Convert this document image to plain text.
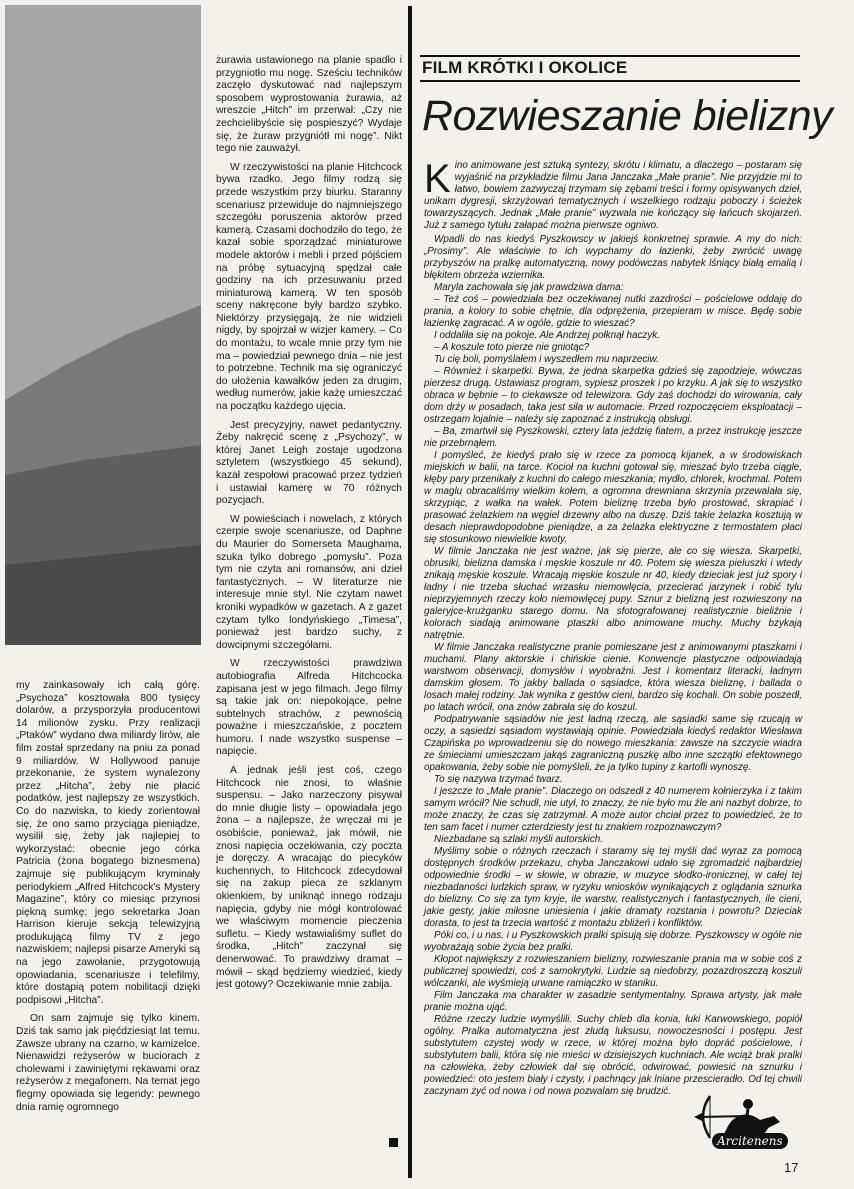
my zainkasowały ich całą górę. „Psychoza” kosztowała 800 tysięcy dolarów, a przysporzyła producentowi 14 milionów zysku. Przy realizacji „Ptaków” wydano dwa miliardy lirów, ale film został sprzedany na pniu za ponad 9 miliardów. W Hollywood panuje przekonanie, że system wynalezony przez „Hitcha”, żeby nie płacić podatków, jest najlepszy ze wszystkich. Co do nazwiska, to kiedy zorientował się, że ono samo przyciąga pieniądze, wysilił się, żeby jak najlepiej to wykorzystać: obecnie jego córka Patricia (żona bogatego biznesmena) zajmuje się publikującym kryminały periodykiem „Alfred Hitchcock's Mystery Magazine”, który co miesiąc przynosi piękną sumkę; jego sekretarka Joan Harrison kieruje sekcją telewizyjną produkującą filmy TV z jego nazwiskiem; najlepsi pisarze Ameryki są na jego zawołanie, przygotowują opowiadania, scenariusze i telefilmy, które dostąpią potem nobilitacji dzięki podpisowi „Hitcha”.

On sam zajmuje się tylko kinem. Dziś tak samo jak pięćdziesiąt lat temu. Zawsze ubrany na czarno, w kamizelce. Nienawidzi reżyserów w buciorach z cholewami i zawiniętymi rękawami oraz reżyserów z megafonem. Na temat jego flegmy opowiada się legendy: pewnego dnia ramię ogromnego

żurawia ustawionego na planie spadło i przygniotło mu nogę. Sześciu techników zaczęło dyskutować nad najlepszym sposobem wyprostowania żurawia, aż wreszcie „Hitch” im przerwał: „Czy nie zechcielibyście się pospieszyć? Wydaje się, że żuraw przygniótł mi nogę”. Nikt tego nie zauważył.

W rzeczywistości na planie Hitchcock bywa rzadko. Jego filmy rodzą się przede wszystkim przy biurku. Staranny scenariusz przewiduje do najmniejszego szczegółu poruszenia aktorów przed kamerą. Czasami dochodziło do tego, że kazał sobie sporządzać miniaturowe modele aktorów i mebli i przed pójściem na próbę sytuacyjną spędzał całe godziny na ich przesuwaniu przed miniaturową kamerą. W ten sposób sceny nakręcone były bardzo szybko. Niektórzy przysięgają, że nie widzieli nigdy, by spojrzał w wizjer kamery. – Co do montażu, to wcale mnie przy tym nie ma – powiedział pewnego dnia – nie jest to potrzebne. Technik ma się ograniczyć do ułożenia kawałków jeden za drugim, według numerów, jakie każę umieszczać na początku każdego ujęcia.

Jest precyzyjny, nawet pedantyczny. Żeby nakręcić scenę z „Psychozy”, w której Janet Leigh zostaje ugodzona sztyletem (wszystkiego 45 sekund), kazał zespołowi pracować przez tydzień i ustawiał kamerę w 70 różnych pozycjach.

W powieściach i nowelach, z których czerpie swoje scenariusze, od Daphne du Maurier do Somerseta Maughama, szuka tylko dobrego „pomysłu”. Poza tym nie czyta ani romansów, ani dzieł fantastycznych. – W literaturze nie interesuje mnie styl. Nie czytam nawet kroniki wypadków w gazetach. A z gazet czytam tylko londyńskiego „Timesa”, ponieważ jest bardzo suchy, z dowcipnymi szczegółami.

W rzeczywistości prawdziwa autobiografia Alfreda Hitchcocka zapisana jest w jego filmach. Jego filmy są takie jak on: niepokojące, pełne subtelnych strachów, z pewnością poważne i mieszczańskie, z pocztem humoru. I nade wszystko suspense – napięcie.

A jednak jeśli jest coś, czego Hitchcock nie znosi, to właśnie suspensu. – Jako narzeczony pisywał do mnie długie listy – opowiadała jego żona – a najlepsze, że wręczał mi je osobiście, ponieważ, jak mówił, nie znosi napięcia oczekiwania, czy poczta je doręczy. A wracając do piecyków kuchennych, to Hitchcock zdecydował się na zakup pieca ze szklanym okienkiem, by uniknąć innego rodzaju napięcia, gdyby nie mógł kontrolować we właściwym momencie pieczenia sufletu. – Kiedy wstawialiśmy suflet do środka, „Hitch” zaczynał się denerwować. To prawdziwy dramat – mówił – skąd będziemy wiedzieć, kiedy jest gotowy? Oczekiwanie mnie zabija.

FILM KRÓTKI I OKOLICE
Rozwieszanie bielizny

Kino animowane jest sztuką syntezy, skrótu i klimatu, a dlaczego – postaram się wyjaśnić na przykładzie filmu Jana Janczaka „Małe pranie”. Nie przyjdzie mi to łatwo, bowiem zazwyczaj trzymam się zębami treści i formy opisywanych dzieł, unikam dygresji, skrzyżowań tematycznych i wszelkiego rodzaju poboczy i ścieżek towarzyszących. Jednak „Małe pranie” wyzwala nie kończący się łańcuch skojarzeń. Już z samego tytułu załapać można pierwsze ogniwo.

Wpadli do nas kiedyś Pyszkowscy w jakiejś konkretnej sprawie. A my do nich: „Prosimy”. Ale właściwie to ich wypchamy do łazienki, żeby zwrócić uwagę przybyszów na pralkę automatyczną, nowy podówczas nabytek lśniący białą emalią i błękitem obrzeża wziernika.

Maryla zachowała się jak prawdziwa dama:

– Też coś – powiedziała bez oczekiwanej nutki zazdrości – pościelowe oddaję do prania, a kolory to sobie chętnie, dla odprężenia, przepieram w misce. Będę sobie łazienkę zagracać. A w ogóle, gdzie to wieszać?

I oddaliła się na pokoje. Ale Andrzej połknął haczyk.

– A koszule toto pierze nie gniotąc?

Tu cię boli, pomyślałem i wyszedłem mu naprzeciw.

– Również i skarpetki. Bywa, że jedna skarpetka gdzieś się zapodzieje, wówczas pierzesz drugą. Ustawiasz program, sypiesz proszek i po krzyku. A jak się to wszystko obraca w bębnie – to ciekawsze od telewizora. Gdy zaś dochodzi do wirowania, cały dom drży w posadach, taka jest siła w automacie. Przed rozpoczęciem eksploatacji – ostrzegam lojalnie – należy się zapoznać z instrukcją obsługi.

– Ba, zmartwił się Pyszkowski, czterу lata jeździę fiatem, a przez instrukcję jeszcze nie przebrnąłem.

I pomyśleć, że kiedyś prało się w rzece za pomocą kijanek, a w środowiskach miejskich w balii, na tarce. Kocioł na kuchni gotował się, mieszać bylo trzeba ciągle, kłęby pary przenikały z kuchni do całego mieszkania; mydło, chlorek, krochmal. Potem w maglu obracaliśmy wielkim kołem, a ogromna drewniana skrzynia przewalała się, skrzypiąc, z wałka na wałek. Potem bieliznę trzeba było prostować, skrapiać i prasować żelazkiem na węgiel drzewny albo na duszę. Dziś takie żelazka kosztują w desach nieprawdopodobne pieniądze, a za żelazka elektryczne z termostatem płaci się stosunkowo niewielkie kwoty.

W filmie Janczaka nie jest ważne, jak się pierze, ale co się wiesza. Skarpetki, obrusiki, bielizna damska i męskie koszule nr 40. Potem się wiesza pieluszki i wtedy znikają męskie koszule. Wracają męskie koszule nr 40, kiedy dzieciak jest już spory i ładny i nie trzeba słuchać wrzasku niemowlęcia, przecierać jarzynek i robić tylu nieprzyjemnych rzeczy koło niemowlęcej pupy. Sznur z bielizną jest rozwieszony na galeryjce-krużganku starego domu. Na sfotografowanej realistycznie bieliźnie i kolorach siadają animowane ptaszki albo animowane muchy. Muchy bzykają natrętnie.

W filmie Janczaka realistyczne pranie pomieszane jest z animowanymi ptaszkami i muchami. Plany aktorskie i chińskie cienie. Konwencje plastyczne odpowiadają warstwom obserwacji, domysłów i wyobraźni. Jest i komentarz literacki, ładnym damskim głosem. To jakby ballada o sąsiadce, która wiesza bieliznę, i ballada o losach małej rodziny. Jak wynika z gestów cieni, bardzo się kochali. On sobie poszedł, po latach wrócił, ona znów zabrała się do koszul.

Podpatrywanie sąsiadów nie jest ładną rzeczą, ale sąsiadki same się rzucają w oczy, a sąsiedzi sąsiadom wystawiają opinie. Powiedziała kiedyś redaktor Wiesława Czapińska po wprowadzeniu się do nowego mieszkania: zawsze na szczycie wiadra ze śmieciami umieszczam jakąś zagraniczną puszkę albo inne szczątki efektownego opakowania, żeby sobie nie pomyśleli, że ja tylko tupiny z kartofli wynoszę.

To się nazywa trzymać twarz.

I jeszcze to „Małe pranie”. Dlaczego on odszedł z 40 numerem kołnierzyka i z takim samym wrócił? Nie schudł, nie utył, to znaczy, że nie było mu źle ani nazbyt dobrze, to może znaczy, że czas się zatrzymał. A może autor chciał przez to powiedzieć, że to ten sam facet i numer czterdziesty jest tu znakiem rozpoznawczym?

Niezbadane są szlaki myśli autorskich.

Myślimy sobie o różnych rzeczach i staramy się tej myśli dać wyraz za pomocą dostępnych środków przekazu, chyba Janczakowi udało się zgromadzić najbardziej odpowiednie środki – w słowie, w obrazie, w muzyce słodko-ironicznej, w całej tej niezbadaności ludzkich spraw, w ryzyku wniosków wynikających z oglądania sznurka do bielizny. Co się za tym kryje, ile warstw, realistycznych i fantastycznych, ile cieni, jakie gesty, jakie miłosne uniesienia i jakie dramaty rozstania i powrotu? Dzieciak dorasta, to jest ta trzecia wartość z montażu zbliżeń i konfliktów.

Póki co, i u nas, i u Pyszkowskich pralki spisują się dobrze. Pyszkowscy w ogóle nie wyobrażają sobie życia bez pralki.

Kłopot największy z rozwieszaniem bielizny, rozwieszanie prania ma w sobie coś z publicznej spowiedzi, coś z samokrytyki. Ludzie są niedobrzy, pozazdroszczą koszuli wólczanki, ale wyśmieją urwane ramiączko w staniku.

Film Janczaka ma charakter w zasadzie sentymentalny. Sprawa artysty, jak małe pranie można ująć.

Różne rzeczy ludzie wymyślili. Suchy chleb dla konia, łuki Karwowskiego, popiół ogólny. Pralka automatyczna jest złudą luksusu, nowoczesności i postępu. Jest substytutem czystej wody w rzece, w której można było dopráć pościelowe, i substytutem balii, która się nie mieści w dzisiejszych kuchniach. Ale wciąż brak pralki na człowieka, żeby człowiek dał się obrócić, odwirować, powiesić na sznurku i powiedzieć: oto jestem biały i czysty, i pachnący jak lniane przescieradło. Od tej chwili zaczynam żyć od nowa i od nowa pozwalam się brudzić.

Arcitenens
17
